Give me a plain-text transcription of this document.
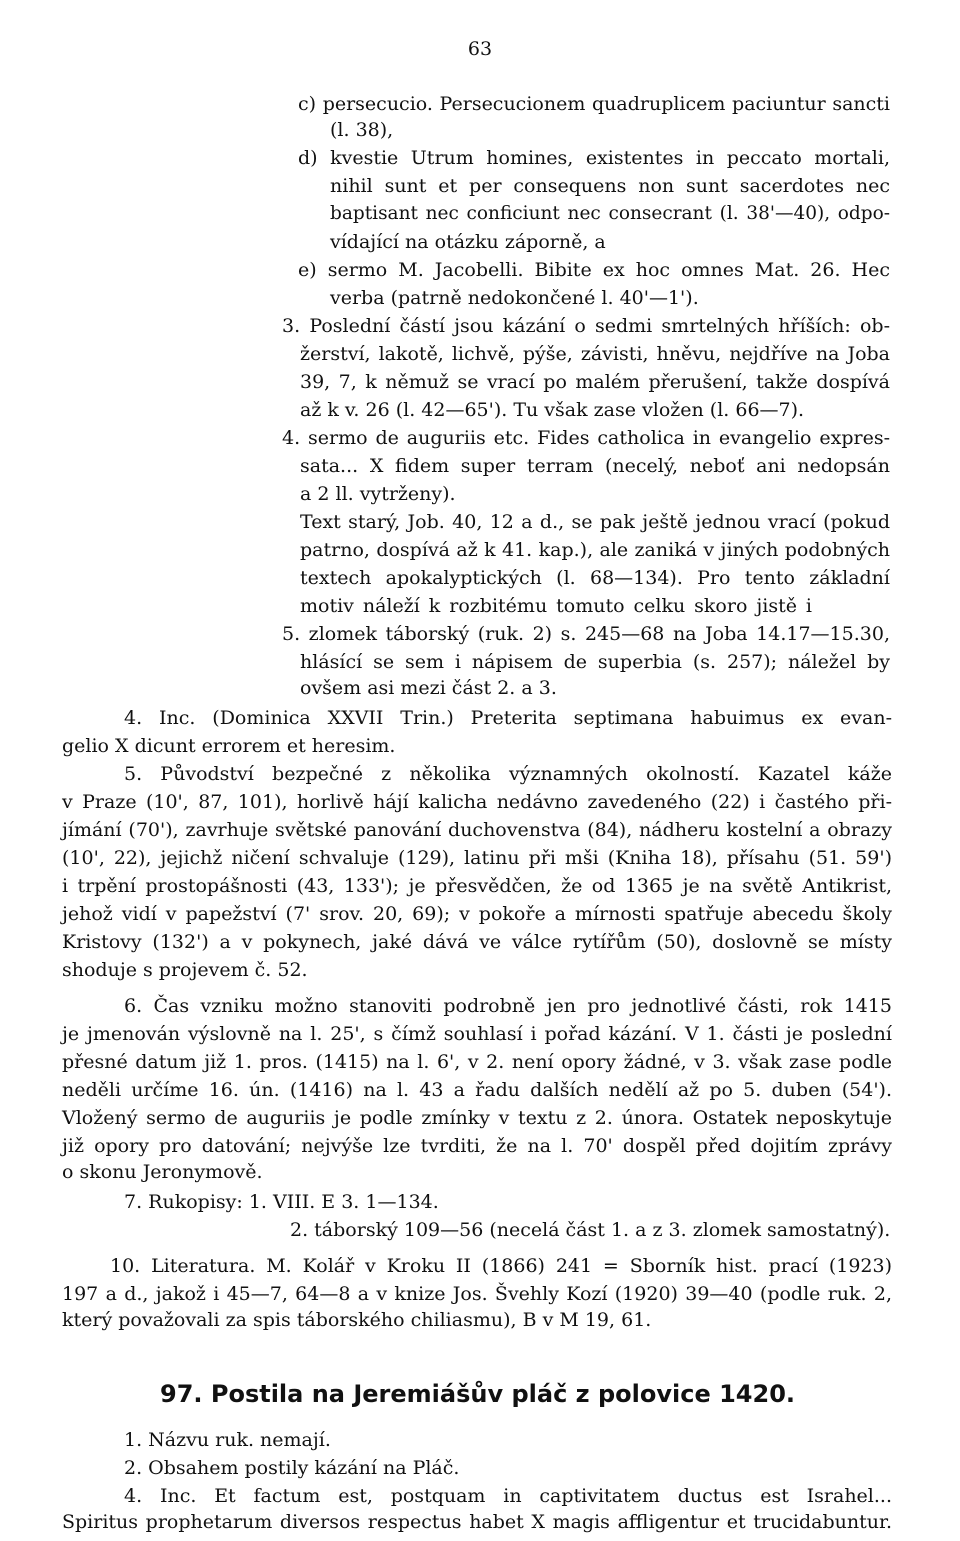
63
c) persecucio. Persecucionem quadruplicem paciuntur sancti
(l. 38),
d) kvestie Utrum homines, existentes in peccato mortali,
nihil sunt et per consequens non sunt sacerdotes nec
baptisant nec conficiunt nec consecrant (l. 38'—40), odpo-
vídající na otázku záporně, a
e) sermo M. Jacobelli. Bibite ex hoc omnes Mat. 26. Hec
verba (patrně nedokončené l. 40'—1').
3. Poslední částí jsou kázání o sedmi smrtelných hříších: ob-
žerství, lakotě, lichvě, pýše, závisti, hněvu, nejdříve na Joba
39, 7, k němuž se vrací po malém přerušení, takže dospívá
až k v. 26 (l. 42—65'). Tu však zase vložen (l. 66—7).
4. sermo de auguriis etc. Fides catholica in evangelio expres-
sata... X fidem super terram (necelý, neboť ani nedopsán
a 2 ll. vytrženy).
Text starý, Job. 40, 12 a d., se pak ještě jednou vrací (pokud
patrno, dospívá až k 41. kap.), ale zaniká v jiných podobných
textech apokalyptických (l. 68—134). Pro tento základní
motiv náleží k rozbitému tomuto celku skoro jistě i
5. zlomek táborský (ruk. 2) s. 245—68 na Joba 14.17—15.30,
hlásící se sem i nápisem de superbia (s. 257); náležel by
ovšem asi mezi část 2. a 3.
4. Inc. (Dominica XXVII Trin.) Preterita septimana habuimus ex evan-
gelio X dicunt errorem et heresim.
5. Původství bezpečné z několika významných okolností. Kazatel káže
v Praze (10', 87, 101), horlivě hájí kalicha nedávno zavedeného (22) i častého při-
jímání (70'), zavrhuje světské panování duchovenstva (84), nádheru kostelní a obrazy
(10', 22), jejichž ničení schvaluje (129), latinu při mši (Kniha 18), přísahu (51. 59')
i trpění prostopášnosti (43, 133'); je přesvědčen, že od 1365 je na světě Antikrist,
jehož vidí v papežství (7' srov. 20, 69); v pokoře a mírnosti spatřuje abecedu školy
Kristovy (132') a v pokynech, jaké dává ve válce rytířům (50), doslovně se místy
shoduje s projevem č. 52.
6. Čas vzniku možno stanoviti podrobně jen pro jednotlivé části, rok 1415
je jmenován výslovně na l. 25', s čímž souhlasí i pořad kázání. V 1. části je poslední
přesné datum již 1. pros. (1415) na l. 6', v 2. není opory žádné, v 3. však zase podle
neděli určíme 16. ún. (1416) na l. 43 a řadu dalších nedělí až po 5. duben (54').
Vložený sermo de auguriis je podle zmínky v textu z 2. února. Ostatek neposkytuje
již opory pro datování; nejvýše lze tvrditi, že na l. 70' dospěl před dojitím zprávy
o skonu Jeronymově.
7. Rukopisy: 1. VIII. E 3. 1—134.
2. táborský 109—56 (necelá část 1. a z 3. zlomek samostatný).
10. Literatura. M. Kolář v Kroku II (1866) 241 = Sborník hist. prací (1923)
197 a d., jakož i 45—7, 64—8 a v knize Jos. Švehly Kozí (1920) 39—40 (podle ruk. 2,
který považovali za spis táborského chiliasmu), B v M 19, 61.
97. Postila na Jeremiášův pláč z polovice 1420.
1. Názvu ruk. nemají.
2. Obsahem postily kázání na Pláč.
4. Inc. Et factum est, postquam in captivitatem ductus est Israhel...
Spiritus prophetarum diversos respectus habet X magis affligentur et trucidabuntur.
